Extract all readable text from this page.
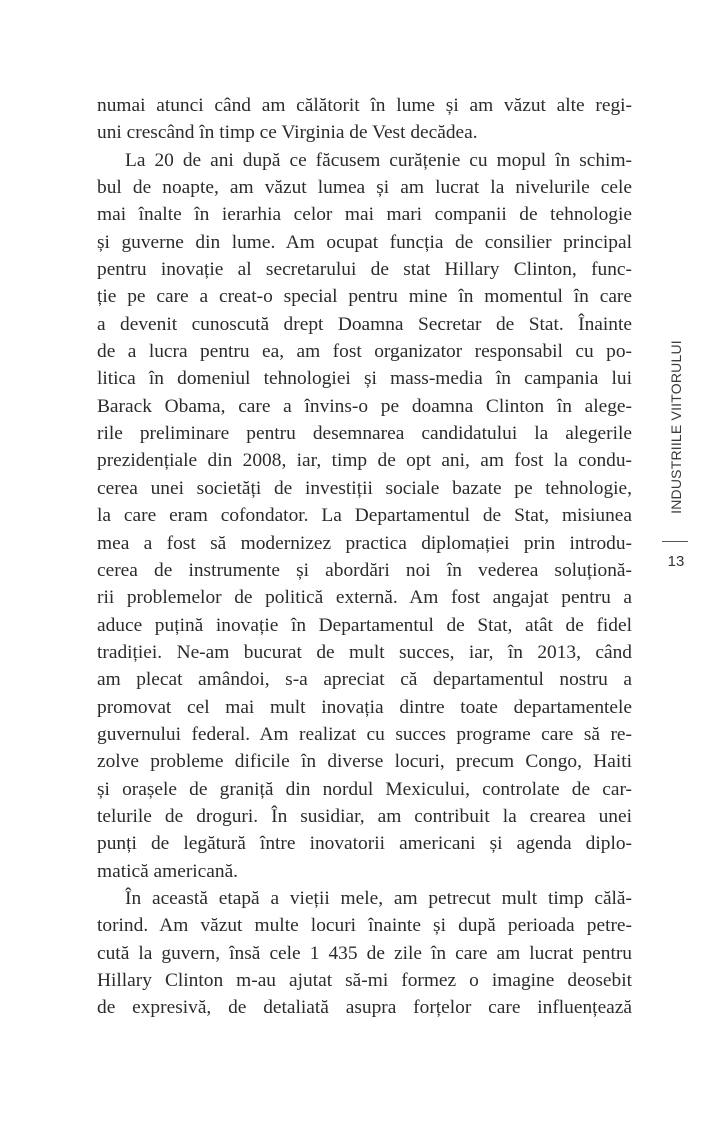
numai atunci când am călătorit în lume și am văzut alte regi-
uni crescând în timp ce Virginia de Vest decădea.
La 20 de ani după ce făcusem curățenie cu mopul în schim-
bul de noapte, am văzut lumea și am lucrat la nivelurile cele
mai înalte în ierarhia celor mai mari companii de tehnologie
și guverne din lume. Am ocupat funcția de consilier principal
pentru inovație al secretarului de stat Hillary Clinton, func-
ție pe care a creat-o special pentru mine în momentul în care
a devenit cunoscută drept Doamna Secretar de Stat. Înainte
de a lucra pentru ea, am fost organizator responsabil cu po-
litica în domeniul tehnologiei și mass-media în campania lui
Barack Obama, care a învins-o pe doamna Clinton în alege-
rile preliminare pentru desemnarea candidatului la alegerile
prezidențiale din 2008, iar, timp de opt ani, am fost la condu-
cerea unei societăți de investiții sociale bazate pe tehnologie,
la care eram cofondator. La Departamentul de Stat, misiunea
mea a fost să modernizez practica diplomației prin introdu-
cerea de instrumente și abordări noi în vederea soluționă-
rii problemelor de politică externă. Am fost angajat pentru a
aduce puțină inovație în Departamentul de Stat, atât de fidel
tradiției. Ne-am bucurat de mult succes, iar, în 2013, când
am plecat amândoi, s-a apreciat că departamentul nostru a
promovat cel mai mult inovația dintre toate departamentele
guvernului federal. Am realizat cu succes programe care să re-
zolve probleme dificile în diverse locuri, precum Congo, Haiti
și orașele de graniță din nordul Mexicului, controlate de car-
telurile de droguri. În susidiar, am contribuit la crearea unei
punți de legătură între inovatorii americani și agenda diplo-
matică americană.
În această etapă a vieții mele, am petrecut mult timp călă-
torind. Am văzut multe locuri înainte și după perioada petre-
cută la guvern, însă cele 1 435 de zile în care am lucrat pentru
Hillary Clinton m-au ajutat să-mi formez o imagine deosebit
de expresivă, de detaliată asupra forțelor care influențează
INDUSTRIILE VIITORULUI
13
